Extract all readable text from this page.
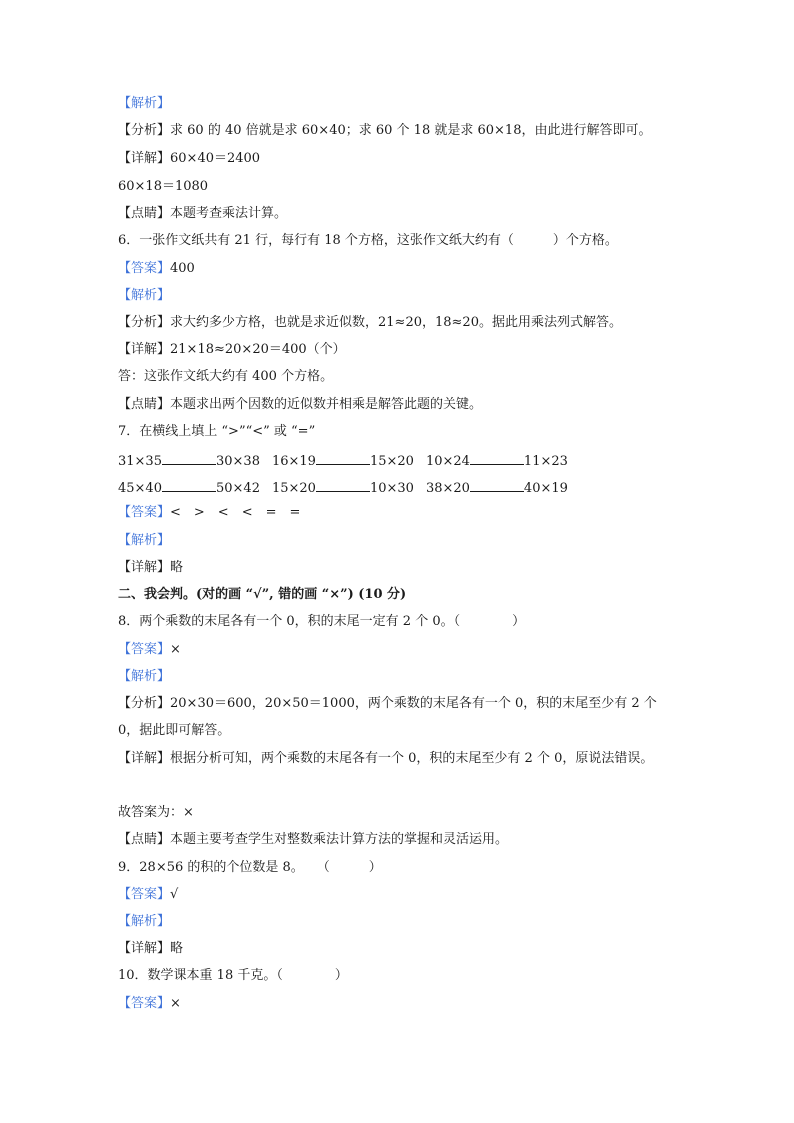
【解析】
【分析】求 60 的 40 倍就是求 60×40；求 60 个 18 就是求 60×18，由此进行解答即可。
【详解】60×40＝2400
60×18＝1080
【点睛】本题考查乘法计算。
6．一张作文纸共有 21 行，每行有 18 个方格，这张作文纸大约有（　　　）个方格。
【答案】400
【解析】
【分析】求大约多少方格，也就是求近似数，21≈20，18≈20。据此用乘法列式解答。
【详解】21×18≈20×20＝400（个）
答：这张作文纸大约有 400 个方格。
【点睛】本题求出两个因数的近似数并相乘是解答此题的关键。
7．在横线上填上 “>”“<” 或 “=”
31×35	30×38 16×19	15×20 10×24	11×23
45×40	50×42 15×20	10×30 38×20	40×19
【答案】<　>　<　<　=　=
【解析】
【详解】略
二、我会判。(对的画 “√”, 错的画 “×”) (10 分)
8．两个乘数的末尾各有一个 0，积的末尾一定有 2 个 0。（　　　　）
【答案】×
【解析】
【分析】20×30＝600，20×50＝1000，两个乘数的末尾各有一个 0，积的末尾至少有 2 个
0，据此即可解答。
【详解】根据分析可知，两个乘数的末尾各有一个 0，积的末尾至少有 2 个 0，原说法错误。
故答案为：×
【点睛】本题主要考查学生对整数乘法计算方法的掌握和灵活运用。
9．28×56 的积的个位数是 8。　　（　　　）
【答案】√
【解析】
【详解】略
10．数学课本重 18 千克。（　　　　）
【答案】×
